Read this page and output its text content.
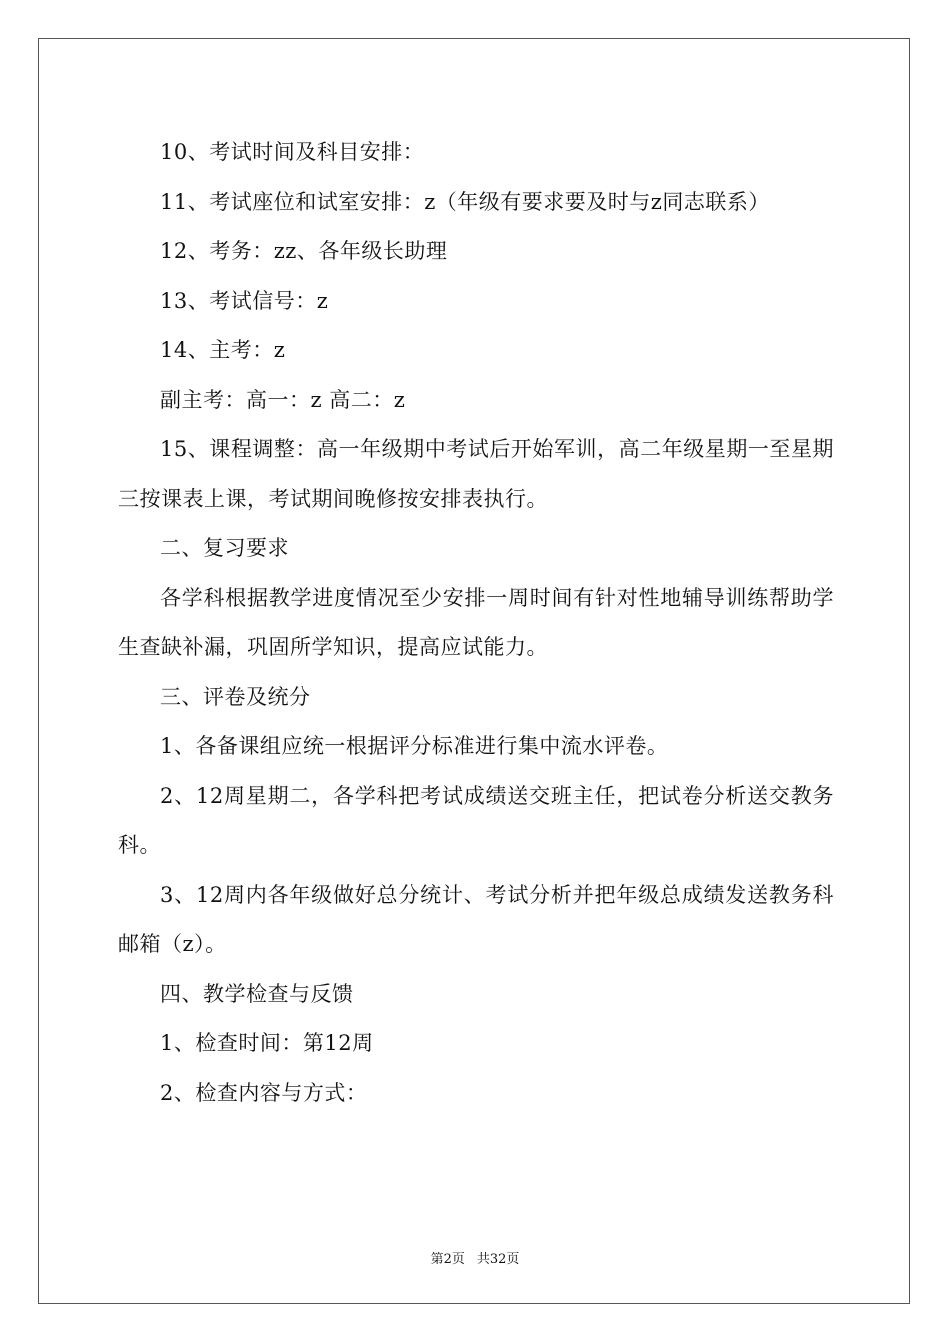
10、考试时间及科目安排：

11、考试座位和试室安排：z（年级有要求要及时与z同志联系）

12、考务：zz、各年级长助理

13、考试信号：z

14、主考：z

副主考：高一：z 高二：z

15、课程调整：高一年级期中考试后开始军训，高二年级星期一至星期三按课表上课，考试期间晚修按安排表执行。

二、复习要求

各学科根据教学进度情况至少安排一周时间有针对性地辅导训练帮助学生查缺补漏，巩固所学知识，提高应试能力。

三、评卷及统分

1、各备课组应统一根据评分标准进行集中流水评卷。

2、12周星期二，各学科把考试成绩送交班主任，把试卷分析送交教务科。

3、12周内各年级做好总分统计、考试分析并把年级总成绩发送教务科邮箱（z）。

四、教学检查与反馈

1、检查时间：第12周

2、检查内容与方式：

第2页 共32页
